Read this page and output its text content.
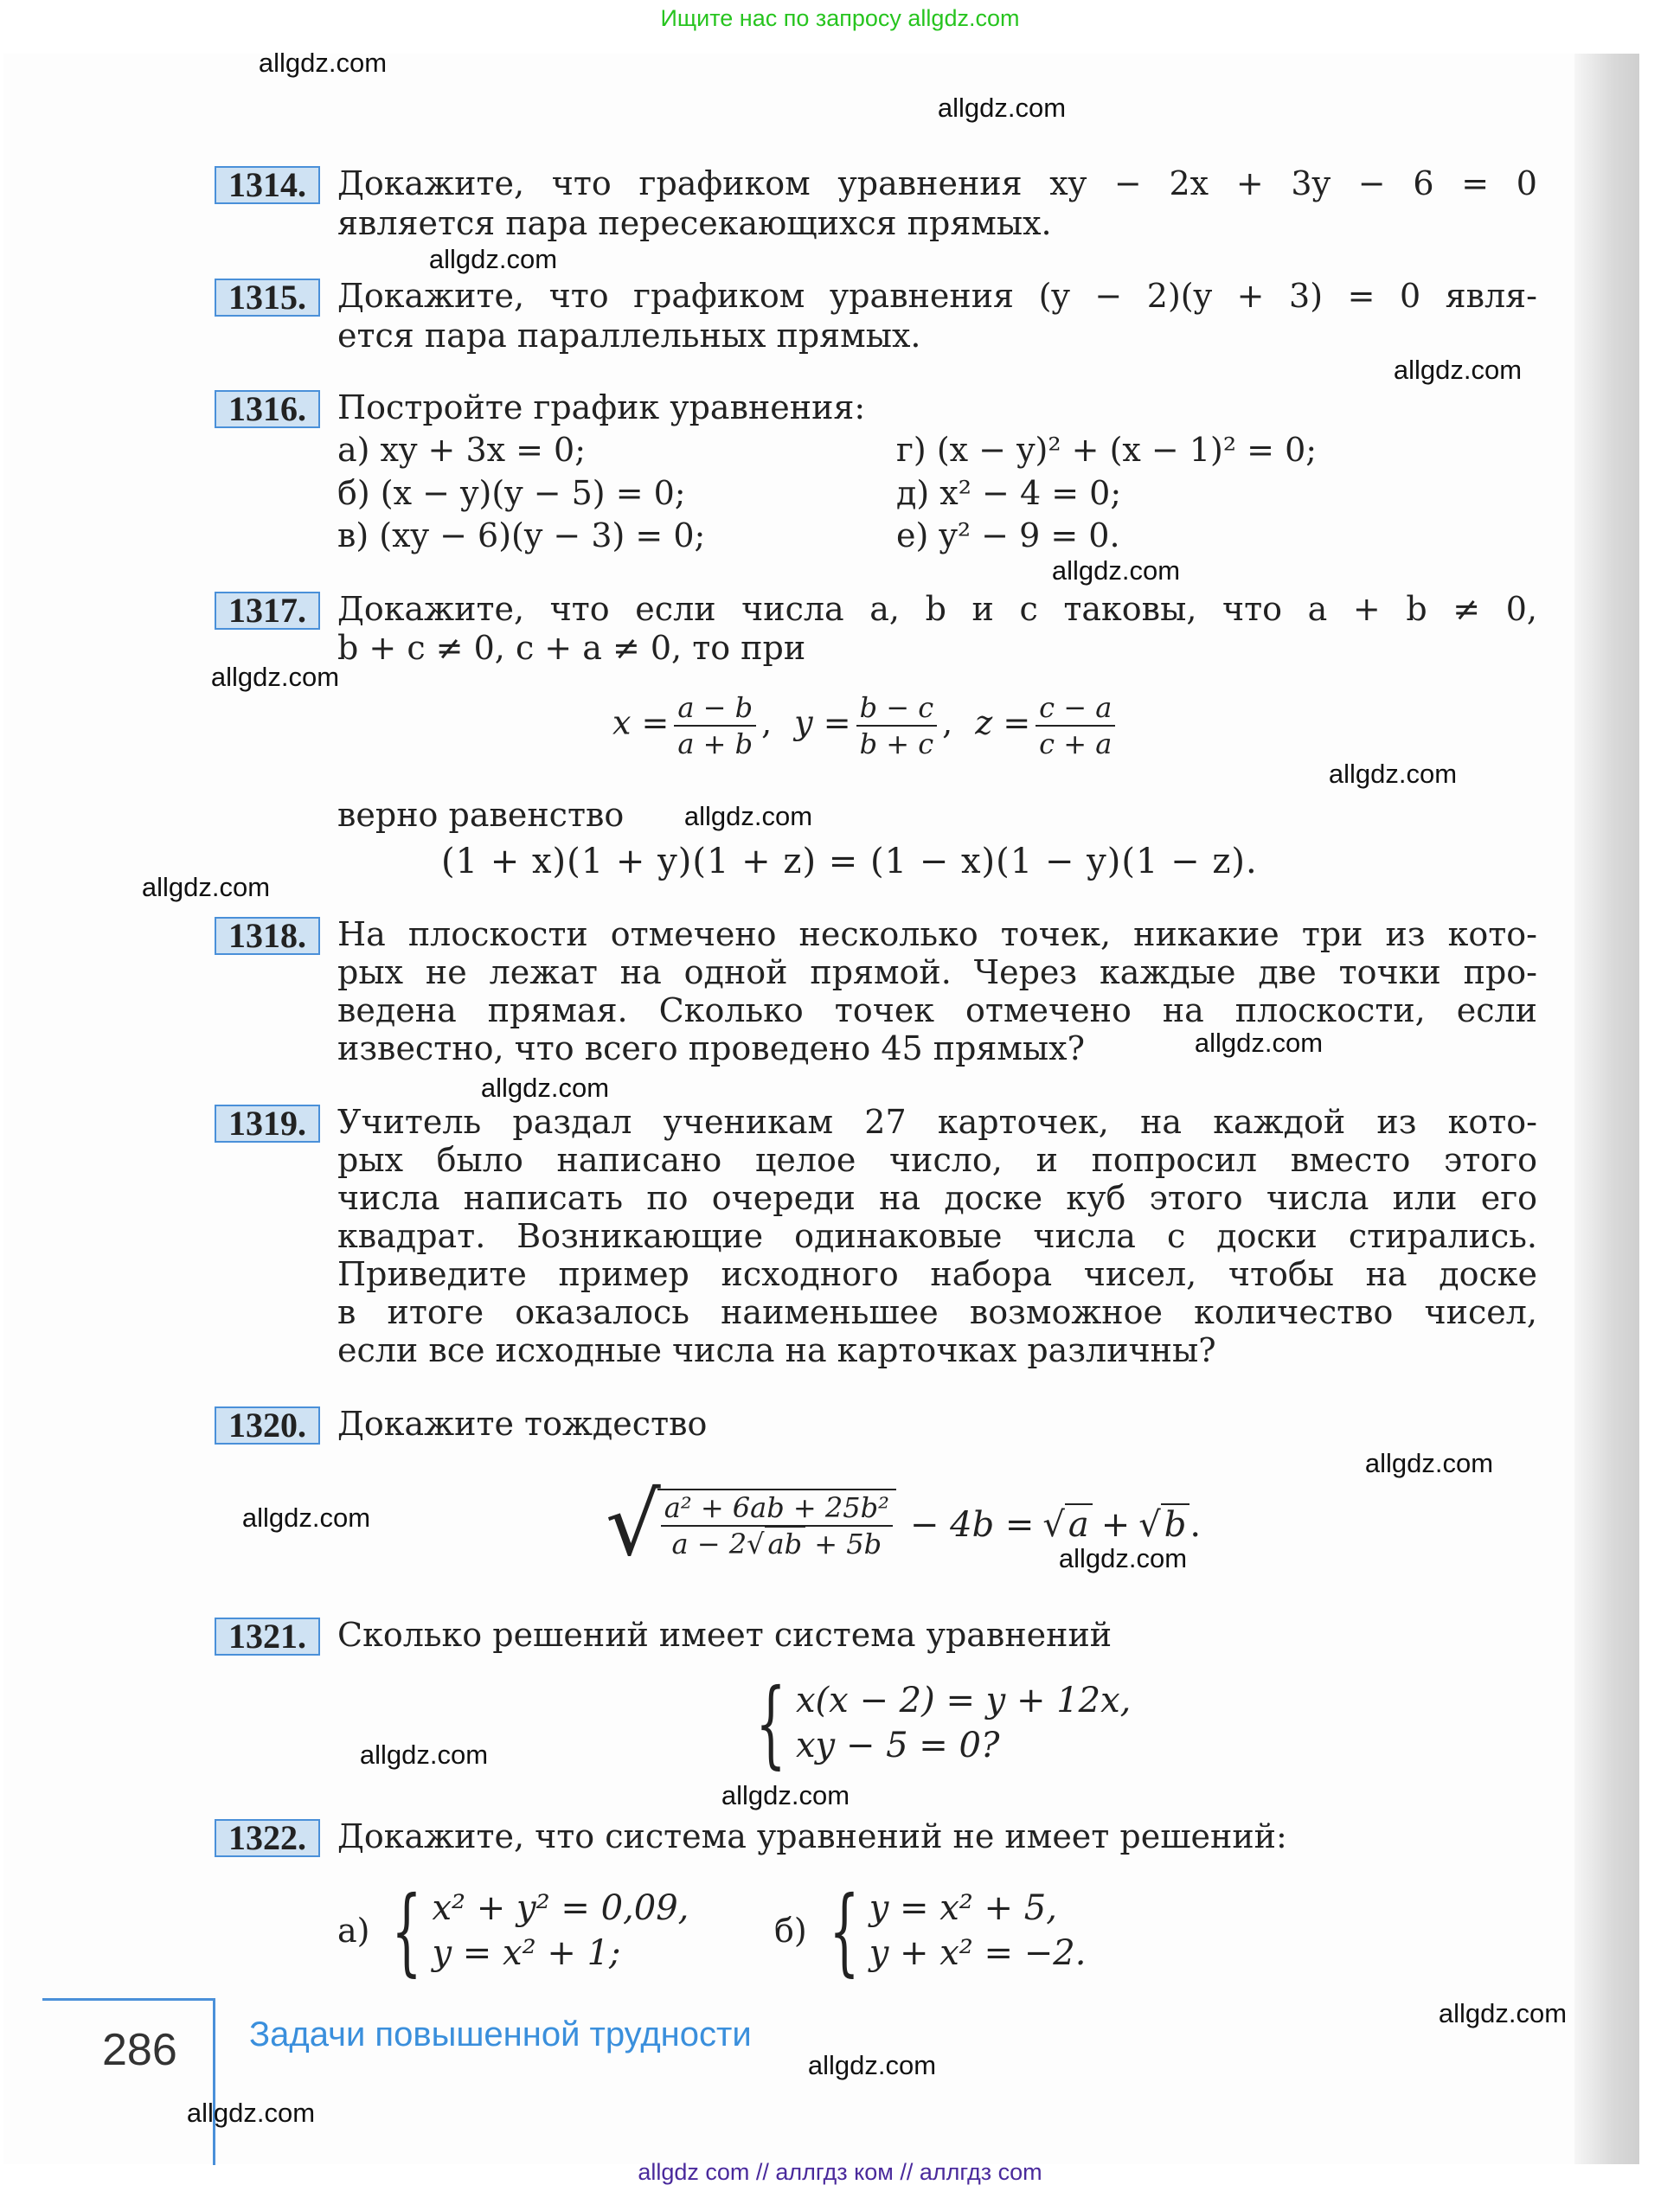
Ищите нас по запросу allgdz.com
1314. Докажите, что графиком уравнения xy − 2x + 3y − 6 = 0
является пара пересекающихся прямых.
1315. Докажите, что графиком уравнения (y − 2)(y + 3) = 0 явля-
ется пара параллельных прямых.
1316. Постройте график уравнения:
а) xy + 3x = 0;
б) (x − y)(y − 5) = 0;
в) (xy − 6)(y − 3) = 0;
г) (x − y)² + (x − 1)² = 0;
д) x² − 4 = 0;
е) y² − 9 = 0.
1317. Докажите, что если числа a, b и c таковы, что a + b ≠ 0,
b + c ≠ 0, c + a ≠ 0, то при
$x = \frac{a - b}{a + b}$ , $y = \frac{b - c}{b + c}$ , $z = \frac{c - a}{c + a}$
верно равенство
(1 + x)(1 + y)(1 + z) = (1 − x)(1 − y)(1 − z).
1318. На плоскости отмечено несколько точек, никакие три из кото-
рых не лежат на одной прямой. Через каждые две точки про-
ведена прямая. Сколько точек отмечено на плоскости, если
известно, что всего проведено 45 прямых?
1319. Учитель раздал ученикам 27 карточек, на каждой из кото-
рых было написано целое число, и попросил вместо этого
числа написать по очереди на доске куб этого числа или его
квадрат. Возникающие одинаковые числа с доски стирались.
Приведите пример исходного набора чисел, чтобы на доске
в итоге оказалось наименьшее возможное количество чисел,
если все исходные числа на карточках различны?
1320. Докажите тождество
√
$\frac{\text{a² + 6ab + 25b²}}{a - 2√ ab + 5b} - 4b$ = √ a + √ b .
1321. Сколько решений имеет система уравнений
{ x(x − 2) = y + 12x,
xy − 5 = 0?
1322. Докажите, что система уравнений не имеет решений:
а) { x² + y² = 0,09,
y = x² + 1;
б) { y = x² + 5,
y + x² = −2.
286 Задачи повышенной трудности
allgdz.com
allgdz.com
allgdz.com
allgdz.com
allgdz.com
allgdz.com
allgdz.com
allgdz.com
allgdz.com
allgdz.com
allgdz.com
allgdz.com
allgdz.com
allgdz.com
allgdz.com
allgdz.com
allgdz.com
allgdz.com
allgdz.com
allgdz com // аллгдз ком // аллгдз com
